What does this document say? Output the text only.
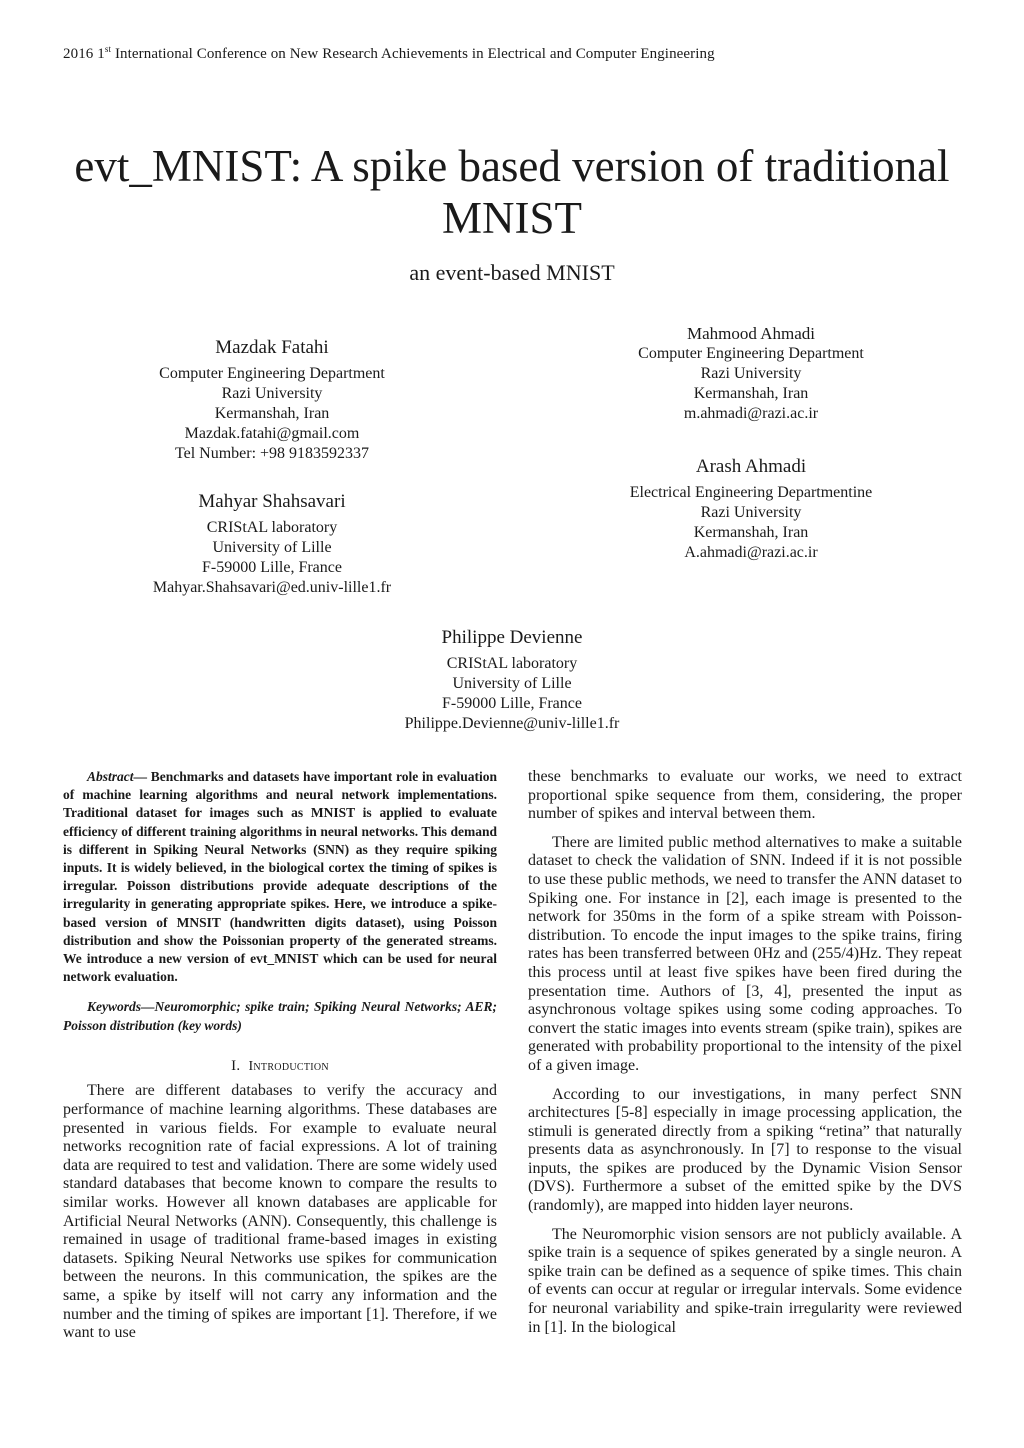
2016 1st International Conference on New Research Achievements in Electrical and Computer Engineering
evt_MNIST: A spike based version of traditional
MNIST
an event-based MNIST
Mazdak Fatahi
Computer Engineering Department
Razi University
Kermanshah, Iran
Mazdak.fatahi@gmail.com
Tel Number: +98 9183592337
Mahyar Shahsavari
CRIStAL laboratory
University of Lille
F-59000 Lille, France
Mahyar.Shahsavari@ed.univ-lille1.fr
Mahmood Ahmadi
Computer Engineering Department
Razi University
Kermanshah, Iran
m.ahmadi@razi.ac.ir
Arash Ahmadi
Electrical Engineering Departmentine
Razi University
Kermanshah, Iran
A.ahmadi@razi.ac.ir
Philippe Devienne
CRIStAL laboratory
University of Lille
F-59000 Lille, France
Philippe.Devienne@univ-lille1.fr
Abstract— Benchmarks and datasets have important role in evaluation of machine learning algorithms and neural network implementations. Traditional dataset for images such as MNIST is applied to evaluate efficiency of different training algorithms in neural networks. This demand is different in Spiking Neural Networks (SNN) as they require spiking inputs. It is widely believed, in the biological cortex the timing of spikes is irregular. Poisson distributions provide adequate descriptions of the irregularity in generating appropriate spikes. Here, we introduce a spike-based version of MNSIT (handwritten digits dataset), using Poisson distribution and show the Poissonian property of the generated streams. We introduce a new version of evt_MNIST which can be used for neural network evaluation.
Keywords—Neuromorphic; spike train; Spiking Neural Networks; AER; Poisson distribution (key words)
I. Introduction

There are different databases to verify the accuracy and performance of machine learning algorithms. These databases are presented in various fields. For example to evaluate neural networks recognition rate of facial expressions. A lot of training data are required to test and validation. There are some widely used standard databases that become known to compare the results to similar works. However all known databases are applicable for Artificial Neural Networks (ANN). Consequently, this challenge is remained in usage of traditional frame-based images in existing datasets. Spiking Neural Networks use spikes for communication between the neurons. In this communication, the spikes are the same, a spike by itself will not carry any information and the number and the timing of spikes are important [1]. Therefore, if we want to use

these benchmarks to evaluate our works, we need to extract proportional spike sequence from them, considering, the proper number of spikes and interval between them.

There are limited public method alternatives to make a suitable dataset to check the validation of SNN. Indeed if it is not possible to use these public methods, we need to transfer the ANN dataset to Spiking one. For instance in [2], each image is presented to the network for 350ms in the form of a spike stream with Poisson-distribution. To encode the input images to the spike trains, firing rates has been transferred between 0Hz and (255/4)Hz. They repeat this process until at least five spikes have been fired during the presentation time. Authors of [3, 4], presented the input as asynchronous voltage spikes using some coding approaches. To convert the static images into events stream (spike train), spikes are generated with probability proportional to the intensity of the pixel of a given image.

According to our investigations, in many perfect SNN architectures [5-8] especially in image processing application, the stimuli is generated directly from a spiking “retina” that naturally presents data as asynchronously. In [7] to response to the visual inputs, the spikes are produced by the Dynamic Vision Sensor (DVS). Furthermore a subset of the emitted spike by the DVS (randomly), are mapped into hidden layer neurons.

The Neuromorphic vision sensors are not publicly available. A spike train is a sequence of spikes generated by a single neuron. A spike train can be defined as a sequence of spike times. This chain of events can occur at regular or irregular intervals. Some evidence for neuronal variability and spike-train irregularity were reviewed in [1]. In the biological
